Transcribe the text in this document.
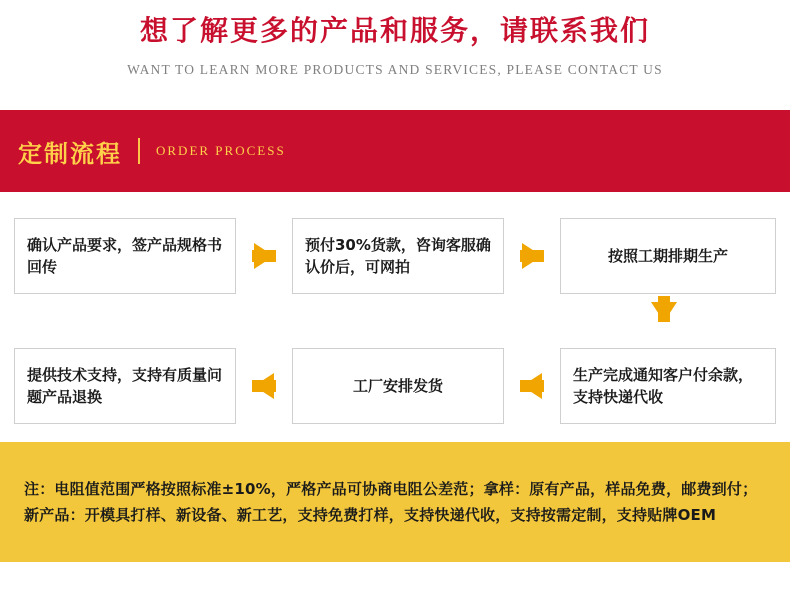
想了解更多的产品和服务，请联系我们
WANT TO LEARN MORE PRODUCTS AND SERVICES, PLEASE CONTACT US
定制流程	ORDER PROCESS
确认产品要求，签产品规格书回传
预付30%货款，咨询客服确认价后，可网拍
按照工期排期生产
提供技术支持，支持有质量问题产品退换
工厂安排发货
生产完成通知客户付余款，支持快递代收

注：电阻值范围严格按照标准±10%，严格产品可协商电阻公差范；拿样：原有产品，样品免费，邮费到付；新产品：开模具打样、新设备、新工艺，支持免费打样，支持快递代收，支持按需定制，支持贴牌OEM
